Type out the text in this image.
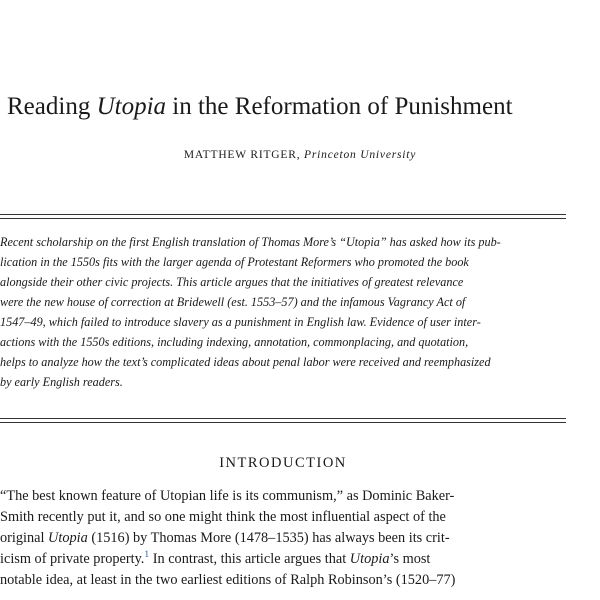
Reading Utopia in the Reformation of Punishment
MATTHEW RITGER, Princeton University
Recent scholarship on the first English translation of Thomas More’s “Utopia” has asked how its pub-
lication in the 1550s fits with the larger agenda of Protestant Reformers who promoted the book
alongside their other civic projects. This article argues that the initiatives of greatest relevance
were the new house of correction at Bridewell (est. 1553–57) and the infamous Vagrancy Act of
1547–49, which failed to introduce slavery as a punishment in English law. Evidence of user inter-
actions with the 1550s editions, including indexing, annotation, commonplacing, and quotation,
helps to analyze how the text’s complicated ideas about penal labor were received and reemphasized
by early English readers.
INTRODUCTION
“The best known feature of Utopian life is its communism,” as Dominic Baker-
Smith recently put it, and so one might think the most influential aspect of the
original Utopia (1516) by Thomas More (1478–1535) has always been its crit-
icism of private property.$^1$ In contrast, this article argues that Utopia’s most
notable idea, at least in the two earliest editions of Ralph Robinson’s (1520–77)
